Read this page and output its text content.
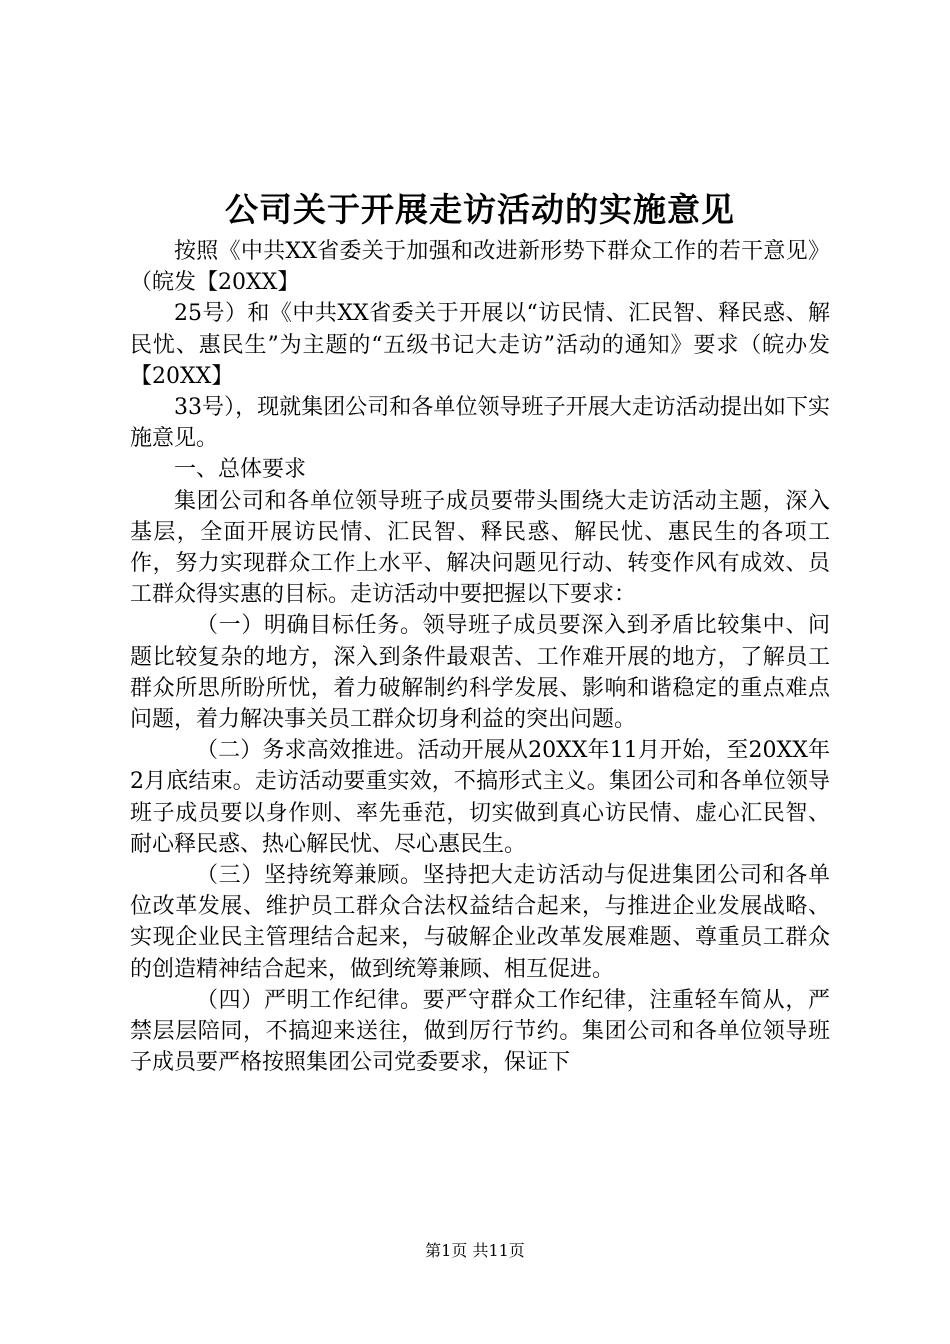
公司关于开展走访活动的实施意见

按照《中共XX省委关于加强和改进新形势下群众工作的若干意见》（皖发【20XX】

25号）和《中共XX省委关于开展以“访民情、汇民智、释民惑、解民忧、惠民生”为主题的“五级书记大走访”活动的通知》要求（皖办发【20XX】

33号），现就集团公司和各单位领导班子开展大走访活动提出如下实施意见。

一、总体要求

集团公司和各单位领导班子成员要带头围绕大走访活动主题，深入基层，全面开展访民情、汇民智、释民惑、解民忧、惠民生的各项工作，努力实现群众工作上水平、解决问题见行动、转变作风有成效、员工群众得实惠的目标。走访活动中要把握以下要求：

（一）明确目标任务。领导班子成员要深入到矛盾比较集中、问题比较复杂的地方，深入到条件最艰苦、工作难开展的地方，了解员工群众所思所盼所忧，着力破解制约科学发展、影响和谐稳定的重点难点问题，着力解决事关员工群众切身利益的突出问题。

（二）务求高效推进。活动开展从20XX年11月开始，至20XX年2月底结束。走访活动要重实效，不搞形式主义。集团公司和各单位领导班子成员要以身作则、率先垂范，切实做到真心访民情、虚心汇民智、耐心释民惑、热心解民忧、尽心惠民生。

（三）坚持统筹兼顾。坚持把大走访活动与促进集团公司和各单位改革发展、维护员工群众合法权益结合起来，与推进企业发展战略、实现企业民主管理结合起来，与破解企业改革发展难题、尊重员工群众的创造精神结合起来，做到统筹兼顾、相互促进。

（四）严明工作纪律。要严守群众工作纪律，注重轻车简从，严禁层层陪同，不搞迎来送往，做到厉行节约。集团公司和各单位领导班子成员要严格按照集团公司党委要求，保证下

第1页 共11页
